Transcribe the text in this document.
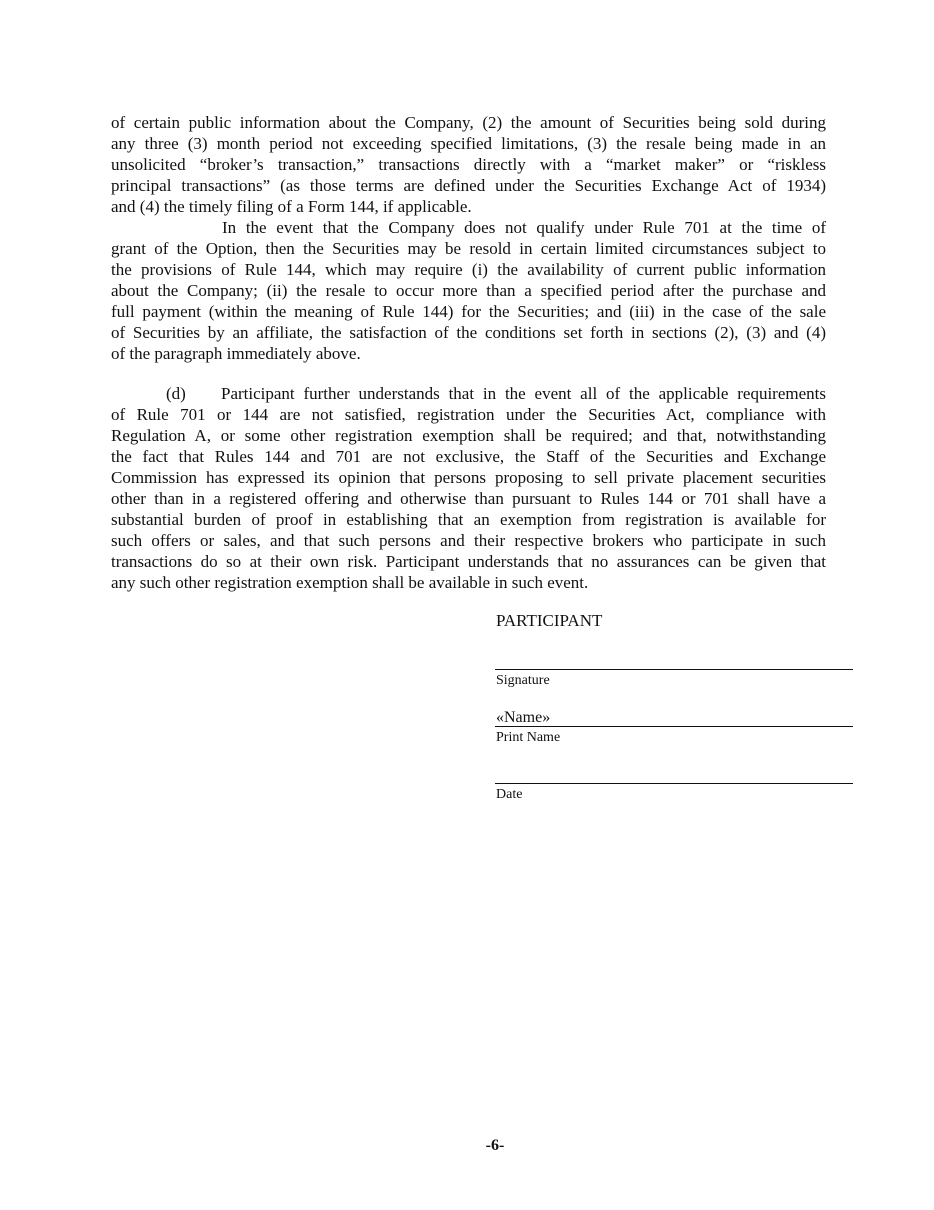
of certain public information about the Company, (2) the amount of Securities being sold during
any three (3) month period not exceeding specified limitations, (3) the resale being made in an
unsolicited “broker’s transaction,” transactions directly with a “market maker” or “riskless
principal transactions” (as those terms are defined under the Securities Exchange Act of 1934)
and (4) the timely filing of a Form 144, if applicable.
In the event that the Company does not qualify under Rule 701 at the time of
grant of the Option, then the Securities may be resold in certain limited circumstances subject to
the provisions of Rule 144, which may require (i) the availability of current public information
about the Company; (ii) the resale to occur more than a specified period after the purchase and
full payment (within the meaning of Rule 144) for the Securities; and (iii) in the case of the sale
of Securities by an affiliate, the satisfaction of the conditions set forth in sections (2), (3) and (4)
of the paragraph immediately above.
(d) Participant further understands that in the event all of the applicable requirements
of Rule 701 or 144 are not satisfied, registration under the Securities Act, compliance with
Regulation A, or some other registration exemption shall be required; and that, notwithstanding
the fact that Rules 144 and 701 are not exclusive, the Staff of the Securities and Exchange
Commission has expressed its opinion that persons proposing to sell private placement securities
other than in a registered offering and otherwise than pursuant to Rules 144 or 701 shall have a
substantial burden of proof in establishing that an exemption from registration is available for
such offers or sales, and that such persons and their respective brokers who participate in such
transactions do so at their own risk. Participant understands that no assurances can be given that
any such other registration exemption shall be available in such event.
PARTICIPANT
Signature
«Name»
Print Name
Date
-6-
